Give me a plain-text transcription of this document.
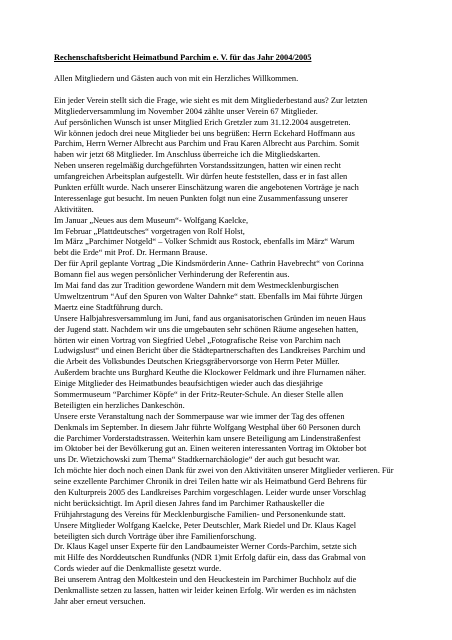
Rechenschaftsbericht Heimatbund Parchim e. V. für das Jahr 2004/2005
Allen Mitgliedern und Gästen auch von mit ein Herzliches Willkommen.
Ein jeder Verein stellt sich die Frage, wie sieht es mit dem Mitgliederbestand aus? Zur letzten
Mitgliederversammlung im November 2004 zählte unser Verein 67 Mitglieder.
Auf persönlichen Wunsch ist unser Mitglied Erich Gretzler zum 31.12.2004 ausgetreten.
Wir können jedoch drei neue Mitglieder bei uns begrüßen: Herrn Eckehard Hoffmann aus
Parchim, Herrn Werner Albrecht aus Parchim und Frau Karen Albrecht aus Parchim. Somit
haben wir jetzt 68 Mitglieder. Im Anschluss überreiche ich die Mitgliedskarten.
Neben unseren regelmäßig durchgeführten Vorstandssitzungen, hatten wir einen recht
umfangreichen Arbeitsplan aufgestellt. Wir dürfen heute feststellen, dass er in fast allen
Punkten erfüllt wurde. Nach unserer Einschätzung waren die angebotenen Vorträge je nach
Interessenlage gut besucht. Im neuen Punkten folgt nun eine Zusammenfassung unserer
Aktivitäten.
Im Januar „Neues aus dem Museum“- Wolfgang Kaelcke,
Im Februar „Plattdeutsches“ vorgetragen von Rolf Holst,
Im März „Parchimer Notgeld“ – Volker Schmidt aus Rostock, ebenfalls im März“ Warum
bebt die Erde“ mit Prof. Dr. Hermann Brause.
Der für April geplante Vortrag „Die Kindsmörderin Anne- Cathrin Havebrecht“ von Corinna
Bomann fiel aus wegen persönlicher Verhinderung der Referentin aus.
Im Mai fand das zur Tradition gewordene Wandern mit dem Westmecklenburgischen
Umweltzentrum “Auf den Spuren von Walter Dahnke“ statt. Ebenfalls im Mai führte Jürgen
Maertz eine Stadtführung durch.
Unsere Halbjahresversammlung im Juni, fand aus organisatorischen Gründen im neuen Haus
der Jugend statt. Nachdem wir uns die umgebauten sehr schönen Räume angesehen hatten,
hörten wir einen Vortrag von Siegfried Uebel „Fotografische Reise von Parchim nach
Ludwigslust“ und einen Bericht über die Städtepartnerschaften des Landkreises Parchim und
die Arbeit des Volksbundes Deutschen Kriegsgräbervorsorge von Herrn Peter Müller.
Außerdem brachte uns Burghard Keuthe die Klockower Feldmark und ihre Flurnamen näher.
Einige Mitglieder des Heimatbundes beaufsichtigen wieder auch das diesjährige
Sommermuseum “Parchimer Köpfe“ in der Fritz-Reuter-Schule. An dieser Stelle allen
Beteiligten ein herzliches Dankeschön.
Unsere erste Veranstaltung nach der Sommerpause war wie immer der Tag des offenen
Denkmals im September. In diesem Jahr führte Wolfgang Westphal über 60 Personen durch
die Parchimer Vorderstadtstrassen. Weiterhin kam unsere Beteiligung am Lindenstraßenfest
im Oktober bei der Bevölkerung gut an. Einen weiteren interessanten Vortrag im Oktober bot
uns Dr. Wietzichowski zum Thema“ Stadtkernarchäologie“ der auch gut besucht war.
Ich möchte hier doch noch einen Dank für zwei von den Aktivitäten unserer Mitglieder verlieren. Für
seine exzellente Parchimer Chronik in drei Teilen hatte wir als Heimatbund Gerd Behrens für
den Kulturpreis 2005 des Landkreises Parchim vorgeschlagen. Leider wurde unser Vorschlag
nicht berücksichtigt. Im April diesen Jahres fand im Parchimer Rathauskeller die
Frühjahrstagung des Vereins für Mecklenburgische Familien- und Personenkunde statt.
Unsere Mitglieder Wolfgang Kaelcke, Peter Deutschler, Mark Riedel und Dr. Klaus Kagel
beteiligten sich durch Vorträge über ihre Familienforschung.
Dr. Klaus Kagel unser Experte für den Landbaumeister Werner Cords-Parchim, setzte sich
mit Hilfe des Norddeutschen Rundfunks (NDR 1)mit Erfolg dafür ein, dass das Grabmal von
Cords wieder auf die Denkmalliste gesetzt wurde.
Bei unserem Antrag den Moltkestein und den Heuckestein im Parchimer Buchholz auf die
Denkmalliste setzen zu lassen, hatten wir leider keinen Erfolg. Wir werden es im nächsten
Jahr aber erneut versuchen.
